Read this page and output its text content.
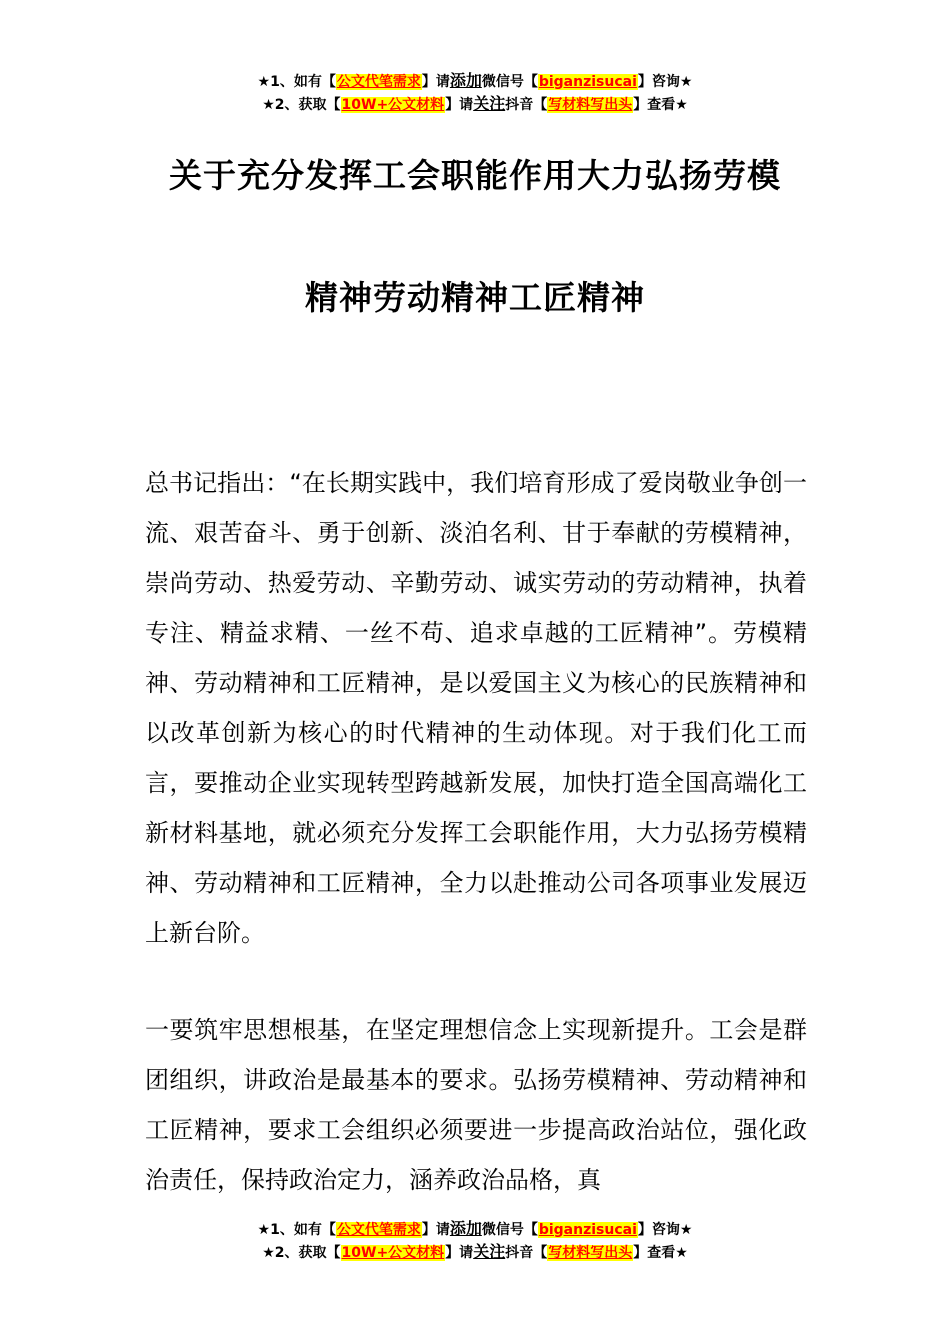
★1、如有【公文代笔需求】请添加微信号【biganzisucai】咨询★
★2、获取【10W+公文材料】请关注抖音【写材料写出头】查看★
关于充分发挥工会职能作用大力弘扬劳模
精神劳动精神工匠精神

总书记指出：“在长期实践中，我们培育形成了爱岗敬业争创一流、艰苦奋斗、勇于创新、淡泊名利、甘于奉献的劳模精神，崇尚劳动、热爱劳动、辛勤劳动、诚实劳动的劳动精神，执着专注、精益求精、一丝不苟、追求卓越的工匠精神”。劳模精神、劳动精神和工匠精神，是以爱国主义为核心的民族精神和以改革创新为核心的时代精神的生动体现。对于我们化工而言，要推动企业实现转型跨越新发展，加快打造全国高端化工新材料基地，就必须充分发挥工会职能作用，大力弘扬劳模精神、劳动精神和工匠精神，全力以赴推动公司各项事业发展迈上新台阶。

一要筑牢思想根基，在坚定理想信念上实现新提升。工会是群团组织，讲政治是最基本的要求。弘扬劳模精神、劳动精神和工匠精神，要求工会组织必须要进一步提高政治站位，强化政治责任，保持政治定力，涵养政治品格，真

★1、如有【公文代笔需求】请添加微信号【biganzisucai】咨询★
★2、获取【10W+公文材料】请关注抖音【写材料写出头】查看★
